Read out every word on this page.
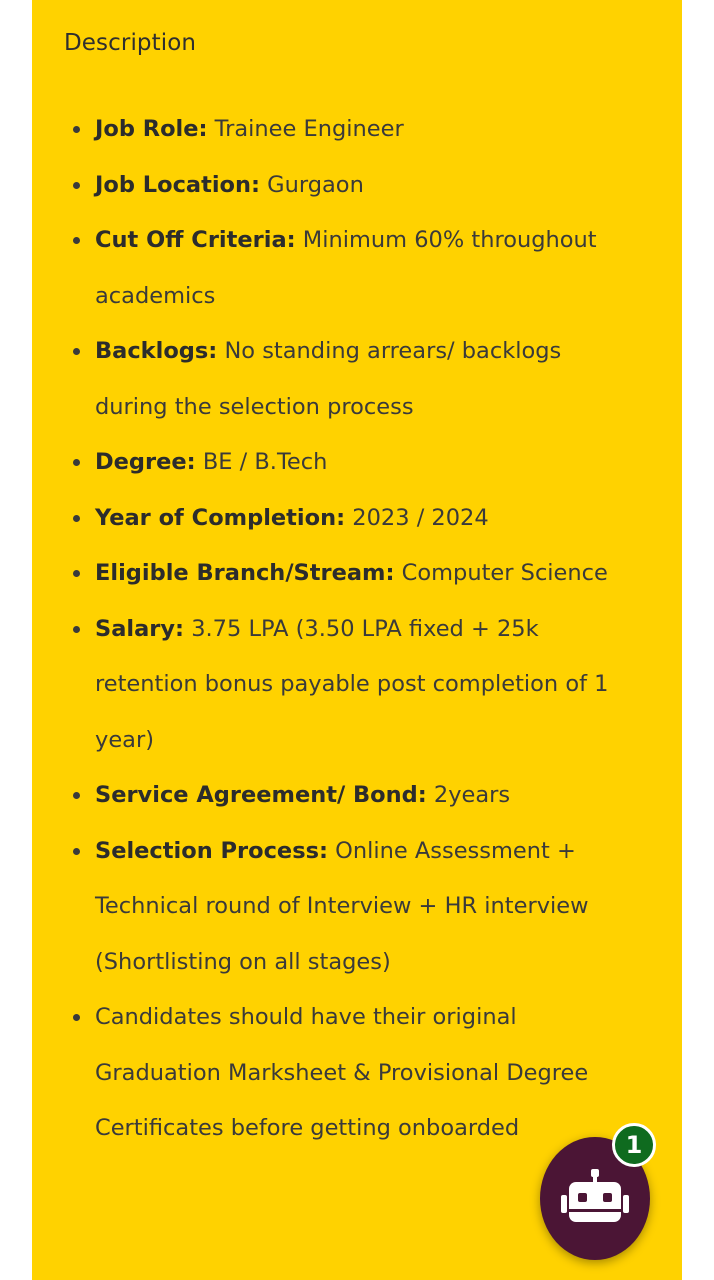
Description
Job Role: Trainee Engineer
Job Location: Gurgaon
Cut Off Criteria: Minimum 60% throughout academics
Backlogs: No standing arrears/ backlogs during the selection process
Degree: BE / B.Tech
Year of Completion: 2023 / 2024
Eligible Branch/Stream: Computer Science
Salary: 3.75 LPA (3.50 LPA fixed + 25k retention bonus payable post completion of 1 year)
Service Agreement/ Bond: 2years
Selection Process: Online Assessment + Technical round of Interview + HR interview (Shortlisting on all stages)
Candidates should have their original Graduation Marksheet & Provisional Degree Certificates before getting onboarded
1
